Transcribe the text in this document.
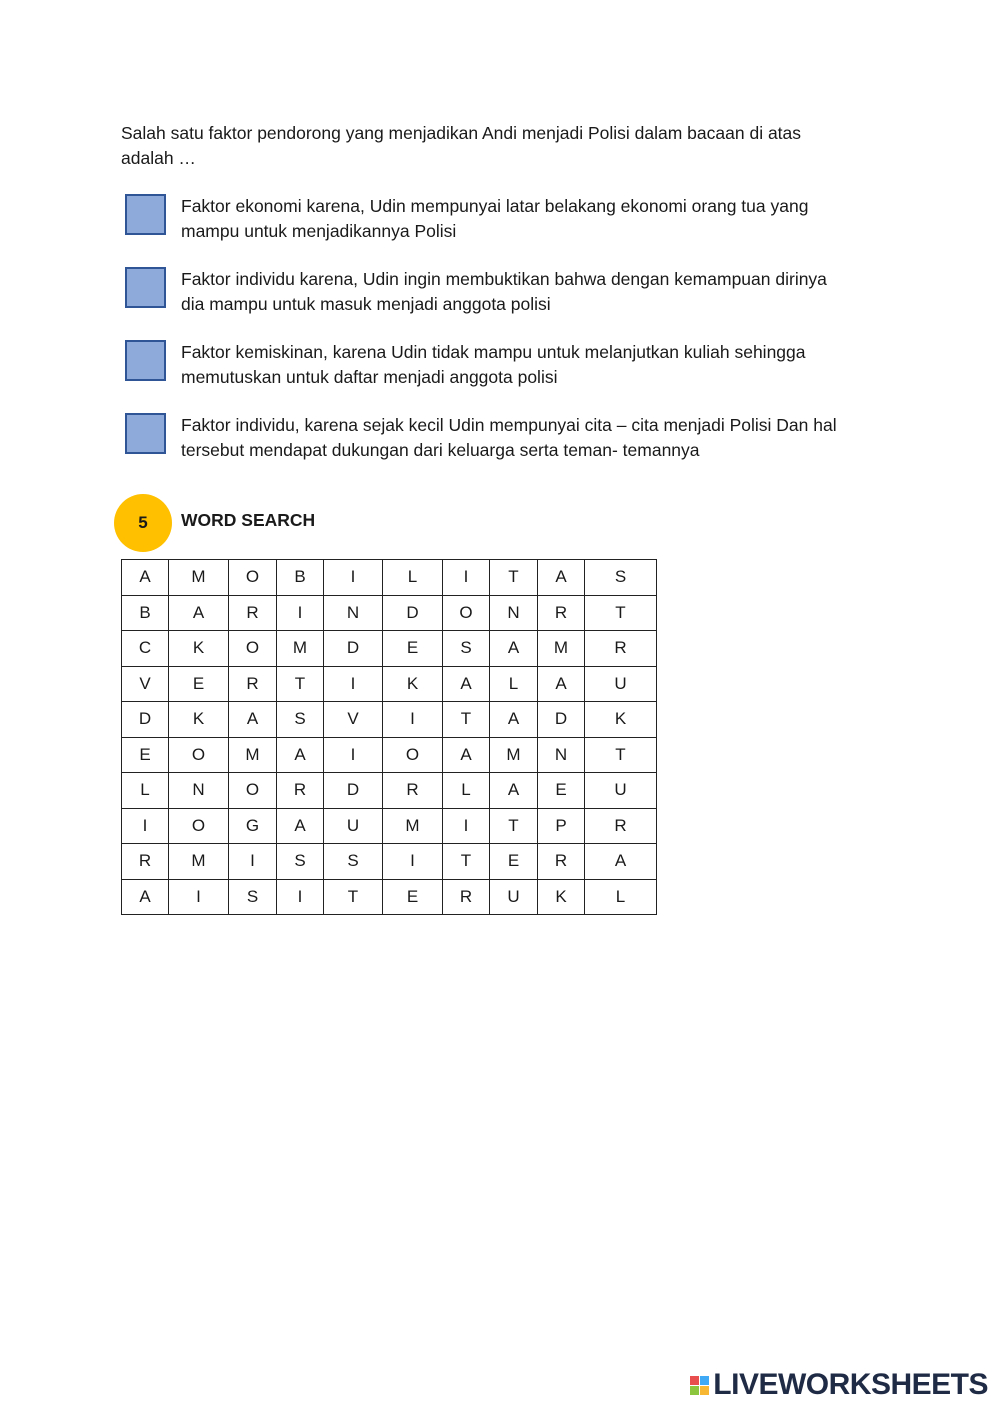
Salah satu faktor pendorong yang menjadikan Andi menjadi Polisi dalam bacaan di atas
adalah …
Faktor ekonomi karena, Udin mempunyai latar belakang ekonomi orang tua yang
mampu untuk menjadikannya Polisi
Faktor individu karena, Udin ingin membuktikan bahwa dengan kemampuan dirinya
dia mampu untuk masuk menjadi anggota polisi
Faktor kemiskinan, karena Udin tidak mampu untuk melanjutkan kuliah sehingga
memutuskan untuk daftar menjadi anggota polisi
Faktor individu, karena sejak kecil Udin mempunyai cita – cita menjadi Polisi Dan hal
tersebut mendapat dukungan dari keluarga serta teman- temannya
5	WORD SEARCH
A	M	O	B	I	L	I	T	A	S
B	A	R	I	N	D	O	N	R	T
C	K	O	M	D	E	S	A	M	R
V	E	R	T	I	K	A	L	A	U
D	K	A	S	V	I	T	A	D	K
E	O	M	A	I	O	A	M	N	T
L	N	O	R	D	R	L	A	E	U
I	O	G	A	U	M	I	T	P	R
R	M	I	S	S	I	T	E	R	A
A	I	S	I	T	E	R	U	K	L
LIVEWORKSHEETS
